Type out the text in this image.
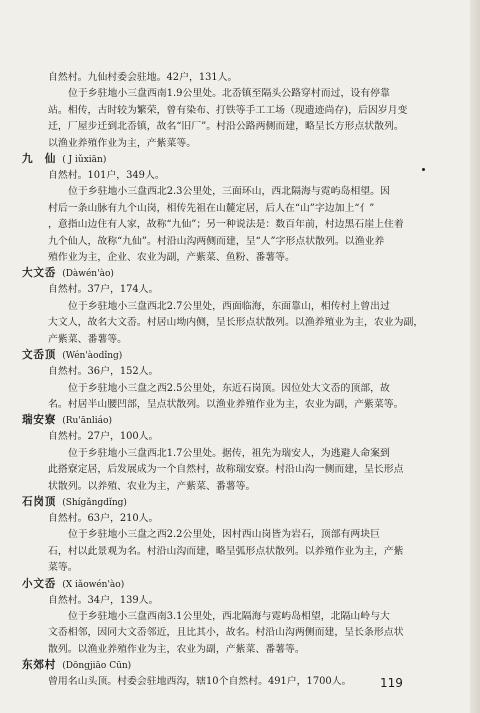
自然村。九仙村委会驻地。42户，131人。
位于乡驻地小三盘西南1.9公里处。北岙镇至隔头公路穿村而过，设有停靠
站。相传，古时较为繁荣，曾有染布、打铁等手工工场（现遗迹尚存)，后因岁月变
迁，厂屋步迁到北岙镇，故名“旧厂”。村沿公路两侧而建，略呈长方形点状散列。
以渔业养殖作业为主，产紫菜等。

九　仙 ( J iǔxiān)

自然村。101户，349人。
位于乡驻地小三盘西北2.3公里处，三面环山，西北隔海与霓屿岛相望。因
村后一条山脉有九个山岗，相传先祖在山麓定居，后人在“山”字边加上“亻”
，意指山边住有人家，故称“九仙”；另一种说法是：数百年前，村边黑石崖上住着
九个仙人，故称“九仙”。村沿山沟两侧而建，呈“人”字形点状散列。以渔业养
殖作业为主，企业、农业为副，产紫菜、鱼粉、番薯等。

大文岙 (Dàwén'ào)

自然村。37户，174人。
位于乡驻地小三盘西北2.7公里处，西面临海，东面靠山，相传村上曾出过
大文人，故名大文岙。村居山坳内侧，呈长形点状散列。以渔养殖业为主，农业为副，
产紫菜、番薯等。

文岙顶 (Wén'àodǐng)

自然村。36户，152人。
位于乡驻地小三盘之西2.5公里处，东近石岗顶。因位处大文岙的顶部，故
名。村居半山腰凹部，呈点状散列。以渔业养殖作业为主，农业为副，产紫菜等。

瑞安寮 (Ru'ānliáo)

自然村。27户，100人。
位于乡驻地小三盘西北1.7公里处。据传，祖先为瑞安人，为逃避人命案到
此搭寮定居，后发展成为一个自然村，故称瑞安寮。村沿山沟一侧而建，呈长形点
状散列。以养殖、农业为主，产紫菜、番薯等。

石岗顶 (Shígǎngdǐng)

自然村。63户，210人。
位于乡驻地小三盘之西2.2公里处，因村西山岗皆为岩石，顶部有两块巨
石，村以此景观为名。村沿山沟而建，略呈弧形点状散列。以养殖作业为主，产紫
菜等。

小文岙 (X iǎowén'ào)

自然村。34户，139人。
位于乡驻地小三盘西南3.1公里处，西北隔海与霓屿岛相望，北隔山岭与大
文岙相邻，因同大文岙邻近，且比其小，故名。村沿山沟两侧而建，呈长条形点状
散列。以渔业养殖作业为主，农业为副，产紫菜、番薯等。

东郊村 (Dōngjiāo Cūn)

曾用名山头顶。村委会驻地西沟，辖10个自然村。491户，1700人。	119
